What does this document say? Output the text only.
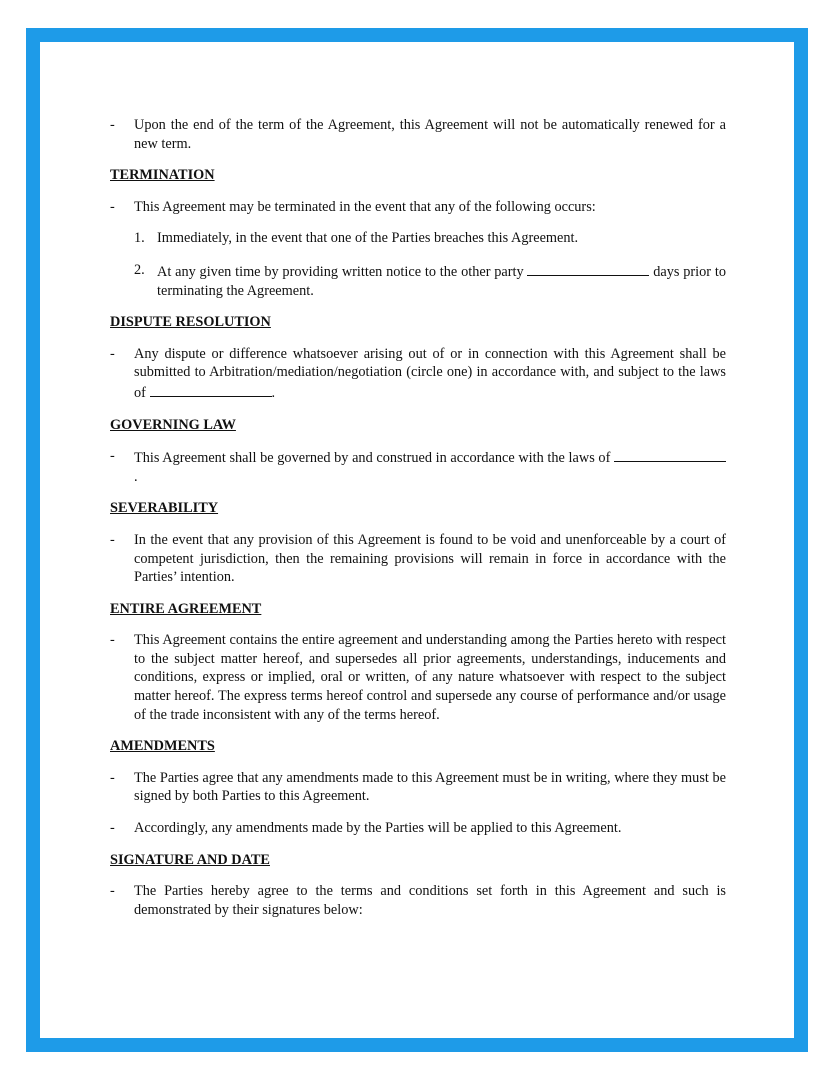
- Upon the end of the term of the Agreement, this Agreement will not be automatically renewed for a new term.
TERMINATION
- This Agreement may be terminated in the event that any of the following occurs:
1. Immediately, in the event that one of the Parties breaches this Agreement.
2. At any given time by providing written notice to the other party	days prior to terminating the Agreement.
DISPUTE RESOLUTION
- Any dispute or difference whatsoever arising out of or in connection with this Agreement shall be submitted to Arbitration/mediation/negotiation (circle one) in accordance with, and subject to the laws of	.
GOVERNING LAW
- This Agreement shall be governed by and construed in accordance with the laws of .
SEVERABILITY
- In the event that any provision of this Agreement is found to be void and unenforceable by a court of competent jurisdiction, then the remaining provisions will remain in force in accordance with the Parties’ intention.
ENTIRE AGREEMENT
- This Agreement contains the entire agreement and understanding among the Parties hereto with respect to the subject matter hereof, and supersedes all prior agreements, understandings, inducements and conditions, express or implied, oral or written, of any nature whatsoever with respect to the subject matter hereof. The express terms hereof control and supersede any course of performance and/or usage of the trade inconsistent with any of the terms hereof.
AMENDMENTS
- The Parties agree that any amendments made to this Agreement must be in writing, where they must be signed by both Parties to this Agreement.
- Accordingly, any amendments made by the Parties will be applied to this Agreement.
SIGNATURE AND DATE
- The Parties hereby agree to the terms and conditions set forth in this Agreement and such is demonstrated by their signatures below:
